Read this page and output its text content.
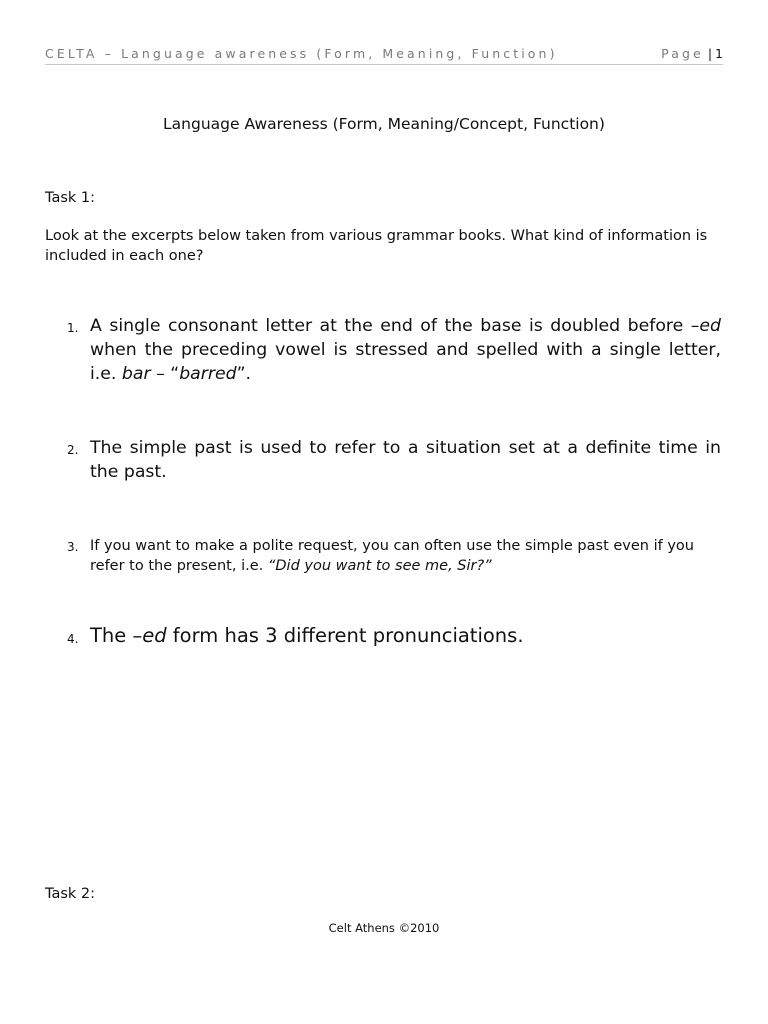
CELTA – Language awareness (Form, Meaning, Function)	Page | 1
Language Awareness (Form, Meaning/Concept, Function)
Task 1:
Look at the excerpts below taken from various grammar books. What kind of information is included in each one?
1. A single consonant letter at the end of the base is doubled before –ed when the preceding vowel is stressed and spelled with a single letter, i.e. bar – “barred”.
2. The simple past is used to refer to a situation set at a definite time in the past.
3. If you want to make a polite request, you can often use the simple past even if you refer to the present, i.e. “Did you want to see me, Sir?”
4. The –ed form has 3 different pronunciations.
Task 2:
Celt Athens ©2010
